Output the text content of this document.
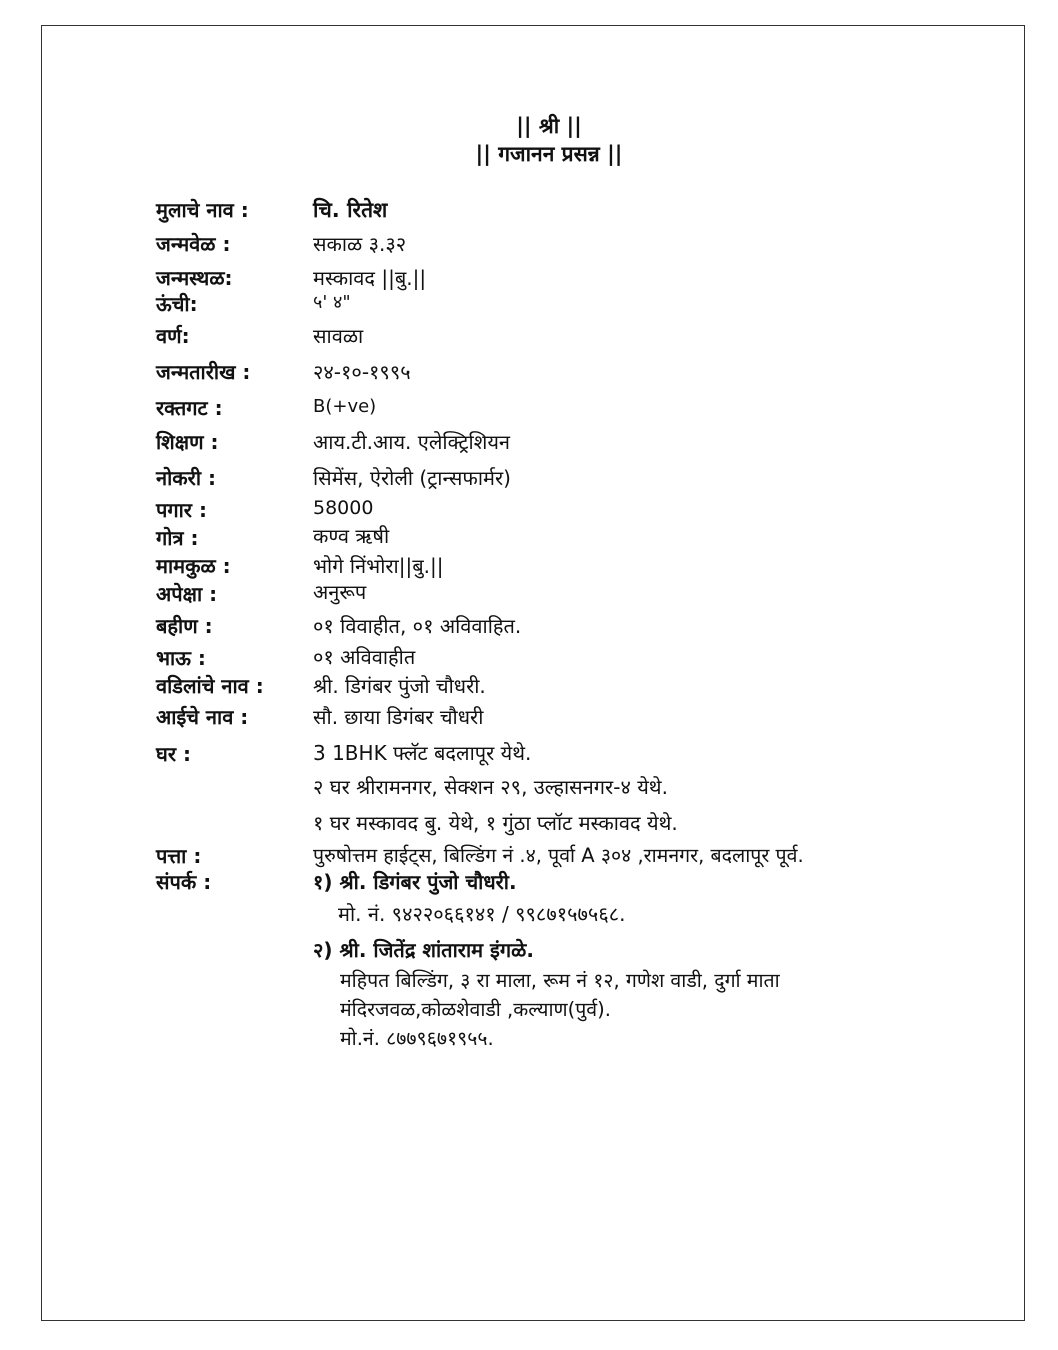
|| श्री ||
|| गजानन प्रसन्न ||
मुलाचे नाव :	चि. रितेश
जन्मवेळ :	सकाळ ३.३२
जन्मस्थळ:	मस्कावद ||बु.||
ऊंची:	५' ४"
वर्ण:	सावळा
जन्मतारीख :	२४-१०-१९९५
रक्तगट :	B(+ve)
शिक्षण :	आय.टी.आय. एलेक्ट्रिशियन
नोकरी :	सिमेंस, ऐरोली (ट्रान्सफार्मर)
पगार :	58000
गोत्र :	कण्व ऋषी
मामकुळ :	भोगे निंभोरा||बु.||
अपेक्षा :	अनुरूप
बहीण :	०१ विवाहीत, ०१ अविवाहित.
भाऊ :	०१ अविवाहीत
वडिलांचे नाव : श्री. डिगंबर पुंजो चौधरी.
आईचे नाव :	सौ. छाया डिगंबर चौधरी
घर :	3 1BHK फ्लॅट बदलापूर येथे.
२ घर श्रीरामनगर, सेक्शन २९, उल्हासनगर-४ येथे.
१ घर मस्कावद बु. येथे, १ गुंठा प्लॉट मस्कावद येथे.
पत्ता :	पुरुषोत्तम हाईट्स, बिल्डिंग नं .४, पूर्वा A ३०४ ,रामनगर, बदलापूर पूर्व.
संपर्क :	१) श्री. डिगंबर पुंजो चौधरी.
मो. नं. ९४२२०६६१४१ / ९९८७१५७५६८.
२) श्री. जितेंद्र शांताराम इंगळे.
महिपत बिल्डिंग, ३ रा माला, रूम नं १२, गणेश वाडी, दुर्गा माता
मंदिरजवळ,कोळशेवाडी ,कल्याण(पुर्व).
मो.नं. ८७७९६७१९५५.
